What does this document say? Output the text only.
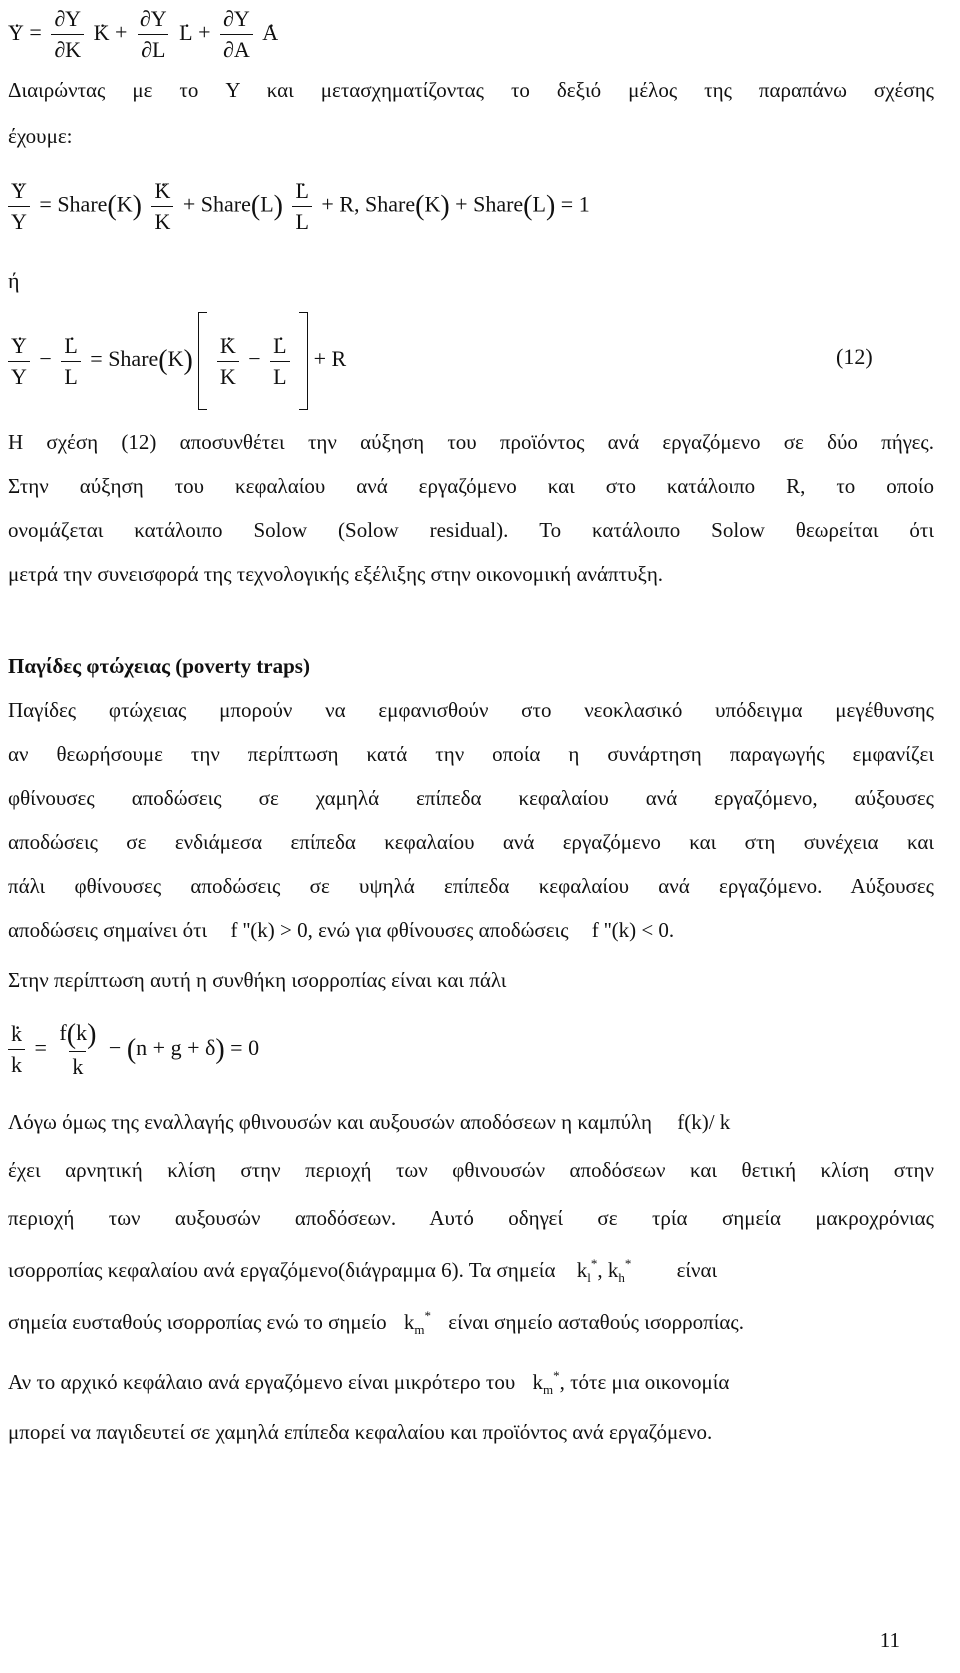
. $Y = \frac{\partial Y}{\partial K}$ . $K + \frac{\partial Y}{\partial L}$ . $L + \frac{\partial Y}{\partial A}$ . A
Διαιρώντας με το Y και μετασχηματίζοντας το δεξιό μέλος της παραπάνω σχέσης
έχουμε:
. $\frac{Y}{Y}$ = Share(K) . $\frac{K}{K}$ + Share(L) . $\frac{L}{L} + R$, Share(K) + Share(L) = 1
ή
. $\frac{Y}{Y}$ − . $\frac{L}{L}$ = Share(K) . $\frac{K}{K}$ − . $\frac{L}{L} + R$	(12)
Η σχέση (12) αποσυνθέτει την αύξηση του προϊόντος ανά εργαζόμενο σε δύο πήγες.
Στην αύξηση του κεφαλαίου ανά εργαζόμενο και στο κατάλοιπο R, το οποίο
ονομάζεται κατάλοιπο Solow (Solow residual). Το κατάλοιπο Solow θεωρείται ότι
μετρά την συνεισφορά της τεχνολογικής εξέλιξης στην οικονομική ανάπτυξη.
Παγίδες φτώχειας (poverty traps)
Παγίδες φτώχειας μπορούν να εμφανισθούν στο νεοκλασικό υπόδειγμα μεγέθυνσης
αν θεωρήσουμε την περίπτωση κατά την οποία η συνάρτηση παραγωγής εμφανίζει
φθίνουσες αποδώσεις σε χαμηλά επίπεδα κεφαλαίου ανά εργαζόμενο, αύξουσες
αποδώσεις σε ενδιάμεσα επίπεδα κεφαλαίου ανά εργαζόμενο και στη συνέχεια και
πάλι φθίνουσες αποδώσεις σε υψηλά επίπεδα κεφαλαίου ανά εργαζόμενο. Αύξουσες
αποδώσεις σημαίνει ότι f ''(k) > 0, ενώ για φθίνουσες αποδώσεις f ''(k) < 0.
Στην περίπτωση αυτή η συνθήκη ισορροπίας είναι και πάλι
. $\frac{k}{k} = \frac{f(k)}{k} - (n + g + \delta) = 0$
Λόγω όμως της εναλλαγής φθινουσών και αυξουσών αποδόσεων η καμπύλη f(k)/ k
έχει αρνητική κλίση στην περιοχή των φθινουσών αποδόσεων και θετική κλίση στην
περιοχή των αυξουσών αποδόσεων. Αυτό οδηγεί σε τρία σημεία μακροχρόνιας
ισορροπίας κεφαλαίου ανά εργαζόμενο(διάγραμμα 6). Τα σημεία $k_l^*$, $k_h^*$ είναι
σημεία ευσταθούς ισορροπίας ενώ το σημείο $k_m^*$ είναι σημείο ασταθούς ισορροπίας.
Αν το αρχικό κεφάλαιο ανά εργαζόμενο είναι μικρότερο του $k_m^*$, τότε μια οικονομία
μπορεί να παγιδευτεί σε χαμηλά επίπεδα κεφαλαίου και προϊόντος ανά εργαζόμενο.
11
